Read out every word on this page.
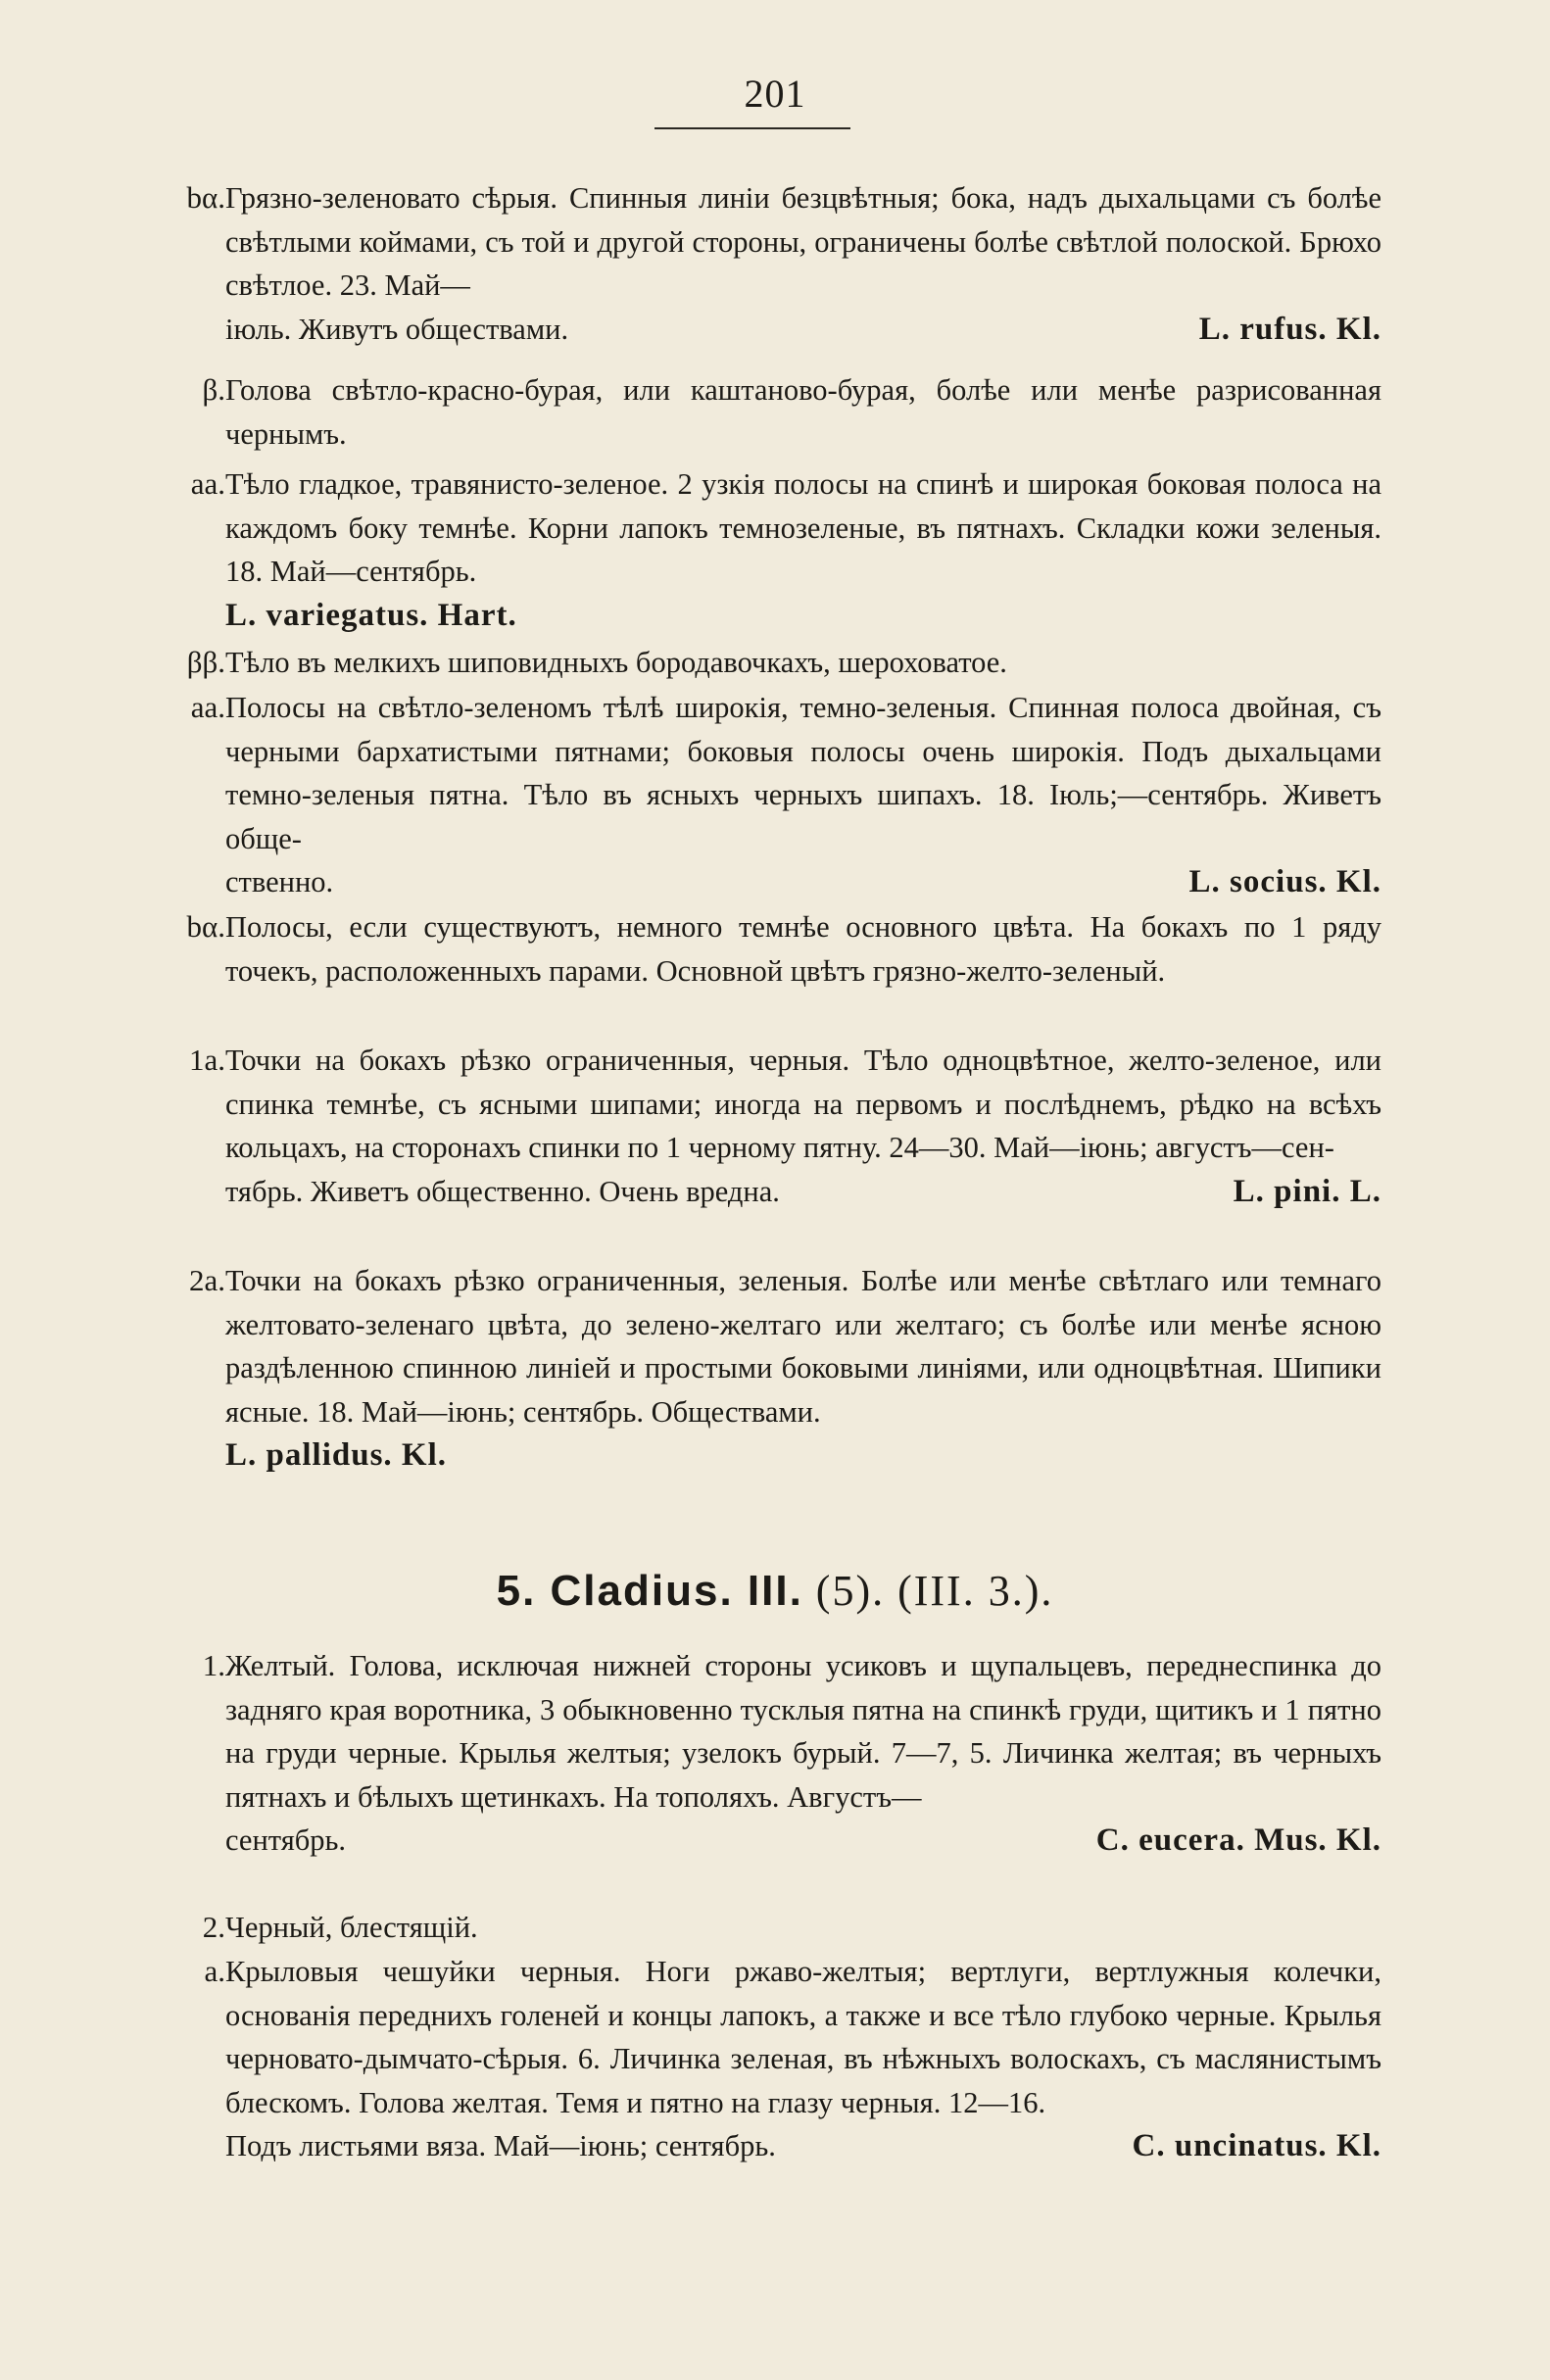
201
bα. Грязно-зеленовато сѣрыя. Спинныя линіи безцвѣтныя; бока, надъ дыхальцами съ болѣе свѣтлыми коймами, съ той и другой стороны, ограничены болѣе свѣтлой полоской. Брюхо свѣтлое. 23. Май—
іюль. Живутъ обществами.	L. rufus. Kl.
β. Голова свѣтло-красно-бурая, или каштаново-бурая, болѣе или менѣе разрисованная чернымъ.
aa. Тѣло гладкое, травянисто-зеленое. 2 узкія полосы на спинѣ и широкая боковая полоса на каждомъ боку темнѣе. Корни лапокъ темнозеленые, въ пятнахъ. Складки кожи зеленыя. 18. Май—сентябрь.
L. variegatus. Hart.
ββ. Тѣло въ мелкихъ шиповидныхъ бородавочкахъ, шероховатое.
aa. Полосы на свѣтло-зеленомъ тѣлѣ широкія, темно-зеленыя. Спинная полоса двойная, съ черными бархатистыми пятнами; боковыя полосы очень широкія. Подъ дыхальцами темно-зеленыя пятна. Тѣло въ ясныхъ черныхъ шипахъ. 18. Іюль;—сентябрь. Живетъ обще-
ственно.	L. socius. Kl.
bα. Полосы, если существуютъ, немного темнѣе основного цвѣта. На бокахъ по 1 ряду точекъ, расположенныхъ парами. Основной цвѣтъ грязно-желто-зеленый.
1a. Точки на бокахъ рѣзко ограниченныя, черныя. Тѣло одноцвѣтное, желто-зеленое, или спинка темнѣе, съ ясными шипами; иногда на первомъ и послѣднемъ, рѣдко на всѣхъ кольцахъ, на сторонахъ спинки по 1 черному пятну. 24—30. Май—іюнь; августъ—сен-
тябрь. Живетъ общественно. Очень вредна.	L. pini. L.
2a. Точки на бокахъ рѣзко ограниченныя, зеленыя. Болѣе или менѣе свѣтлаго или темнаго желтовато-зеленаго цвѣта, до зелено-желтаго или желтаго; съ болѣе или менѣе ясною раздѣленною спинною линіей и простыми боковыми линіями, или одноцвѣтная. Шипики ясные. 18. Май—іюнь; сентябрь. Обществами.
L. pallidus. Kl.
5. Cladius. III. (5). (III. 3.).
1. Желтый. Голова, исключая нижней стороны усиковъ и щупальцевъ, переднеспинка до задняго края воротника, 3 обыкновенно тусклыя пятна на спинкѣ груди, щитикъ и 1 пятно на груди черные. Крылья желтыя; узелокъ бурый. 7—7, 5. Личинка желтая; въ черныхъ пятнахъ и бѣлыхъ щетинкахъ. На тополяхъ. Августъ—
сентябрь.	C. eucera. Mus. Kl.
2. Черный, блестящій.
a. Крыловыя чешуйки черныя. Ноги ржаво-желтыя; вертлуги, вертлужныя колечки, основанія переднихъ голеней и концы лапокъ, а также и все тѣло глубоко черные. Крылья черновато-дымчато-сѣрыя. 6. Личинка зеленая, въ нѣжныхъ волоскахъ, съ маслянистымъ блескомъ. Голова желтая. Темя и пятно на глазу черныя. 12—16.
Подъ листьями вяза. Май—іюнь; сентябрь.	C. uncinatus. Kl.
